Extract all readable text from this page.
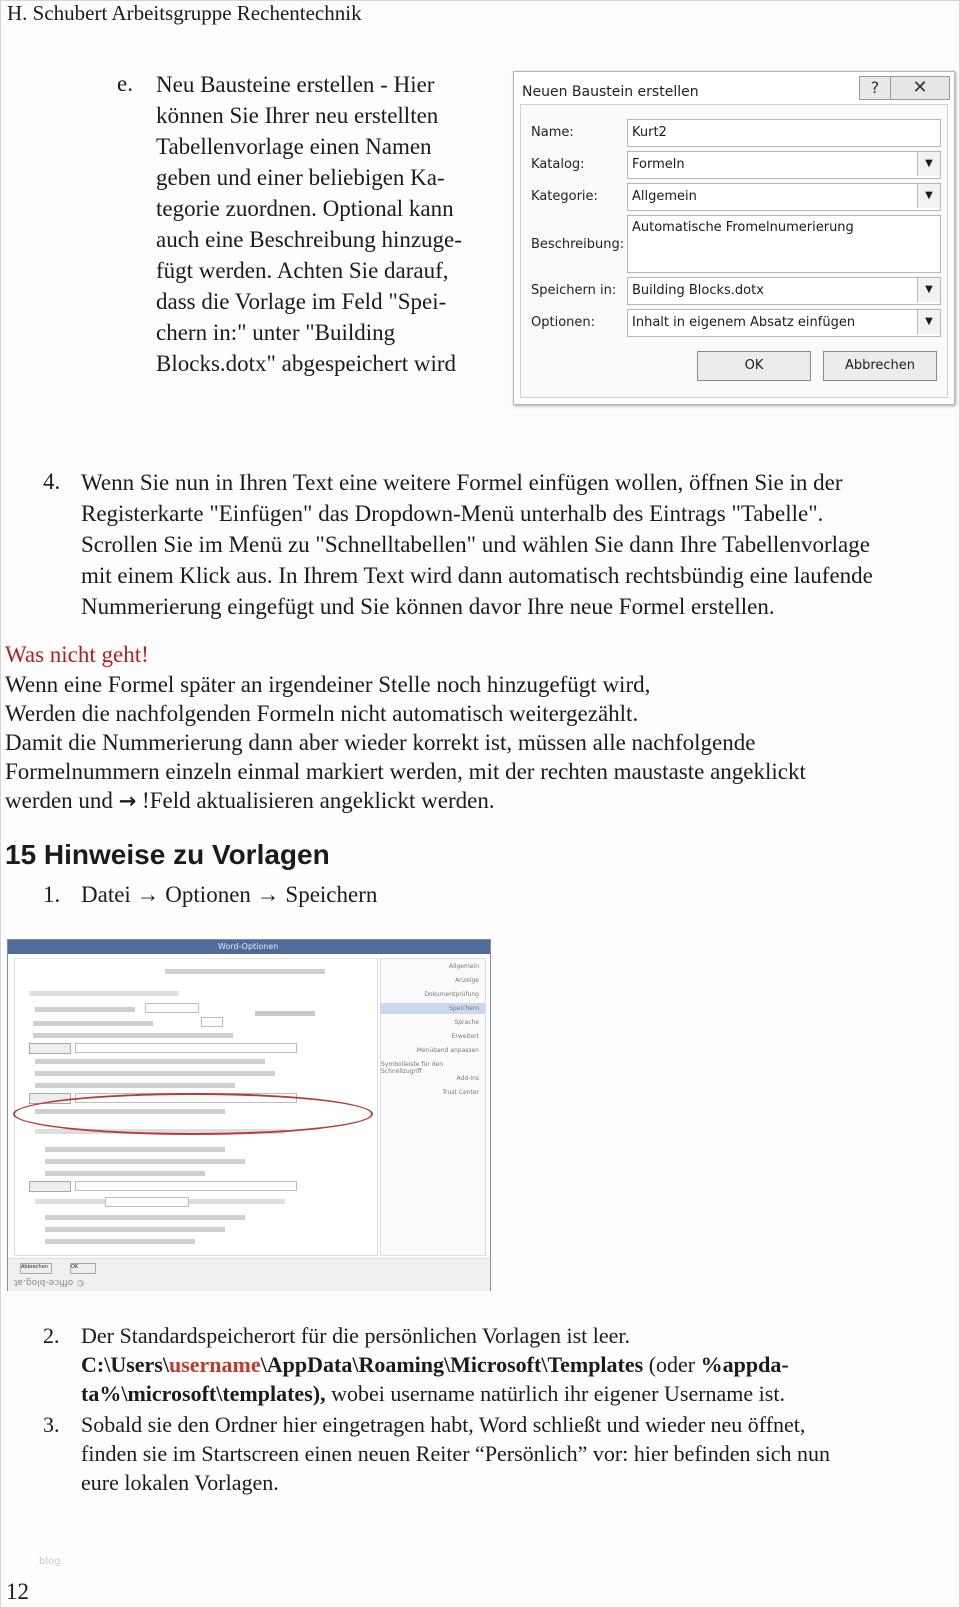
H. Schubert Arbeitsgruppe Rechentechnik
e. Neu Bausteine erstellen - Hier

können Sie Ihrer neu erstellten

Tabellenvorlage einen Namen

geben und einer beliebigen Ka-

tegorie zuordnen. Optional kann

auch eine Beschreibung hinzuge-

fügt werden. Achten Sie darauf,

dass die Vorlage im Feld "Spei-

chern in:" unter "Building

Blocks.dotx" abgespeichert wird

Neuen Baustein erstellen	?	✕
Name:	Kurt2
Katalog:	Formeln	▼
Kategorie:	Allgemein	▼
Beschreibung:
Automatische Fromelnumerierung
Speichern in: Building Blocks.dotx	▼
Optionen:	Inhalt in eigenem Absatz einfügen	▼
OK	Abbrechen
4. Wenn Sie nun in Ihren Text eine weitere Formel einfügen wollen, öffnen Sie in der

Registerkarte "Einfügen" das Dropdown-Menü unterhalb des Eintrags "Tabelle".

Scrollen Sie im Menü zu "Schnelltabellen" und wählen Sie dann Ihre Tabellenvorlage

mit einem Klick aus. In Ihrem Text wird dann automatisch rechtsbündig eine laufende

Nummerierung eingefügt und Sie können davor Ihre neue Formel erstellen.

Was nicht geht!
Wenn eine Formel später an irgendeiner Stelle noch hinzugefügt wird,
Werden die nachfolgenden Formeln nicht automatisch weitergezählt.
Damit die Nummerierung dann aber wieder korrekt ist, müssen alle nachfolgende
Formelnummern einzeln einmal markiert werden, mit der rechten maustaste angeklickt
werden und → !Feld aktualisieren angeklickt werden.
15 Hinweise zu Vorlagen
1. Datei → Optionen → Speichern
Word-Optionen
Allgemein
Anzeige
Dokumentprüfung
Speichern
Sprache
Erweitert
Menüband anpassen
Symbolleiste für den Schnellzugriff
Add-Ins
Trust Center
Abbrechen	OK
© office-blog.at
2. Der Standardspeicherort für die persönlichen Vorlagen ist leer.
C:\Users\username\AppData\Roaming\Microsoft\Templates (oder %appda-
ta%\microsoft\templates), wobei username natürlich ihr eigener Username ist.
3. Sobald sie den Ordner hier eingetragen habt, Word schließt und wieder neu öffnet,
finden sie im Startscreen einen neuen Reiter “Persönlich” vor: hier befinden sich nun
eure lokalen Vorlagen.
blog
12
